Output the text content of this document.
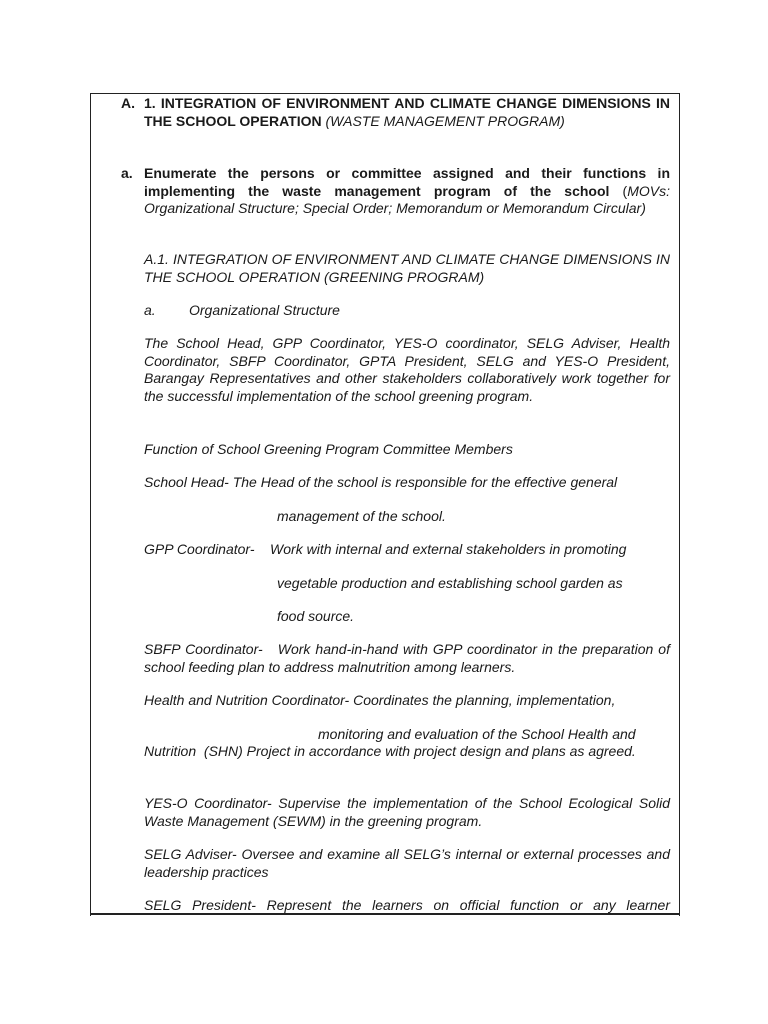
A. 1. INTEGRATION OF ENVIRONMENT AND CLIMATE CHANGE DIMENSIONS IN THE SCHOOL OPERATION (WASTE MANAGEMENT PROGRAM)
a. Enumerate the persons or committee assigned and their functions in implementing the waste management program of the school (MOVs: Organizational Structure; Special Order; Memorandum or Memorandum Circular)
A.1. INTEGRATION OF ENVIRONMENT AND CLIMATE CHANGE DIMENSIONS IN THE SCHOOL OPERATION (GREENING PROGRAM)
a. Organizational Structure
The School Head, GPP Coordinator, YES-O coordinator, SELG Adviser, Health Coordinator, SBFP Coordinator, GPTA President, SELG and YES-O President, Barangay Representatives and other stakeholders collaboratively work together for the successful implementation of the school greening program.
Function of School Greening Program Committee Members
School Head- The Head of the school is responsible for the effective general
management of the school.
GPP Coordinator-    Work with internal and external stakeholders in promoting
vegetable production and establishing school garden as
food source.
SBFP Coordinator-   Work hand-in-hand with GPP coordinator in the preparation of  school feeding plan to address malnutrition among learners.
Health and Nutrition Coordinator- Coordinates the planning, implementation,
monitoring and evaluation of the School Health and
Nutrition  (SHN) Project in accordance with project design and plans as agreed.
YES-O Coordinator- Supervise the implementation of the School Ecological Solid Waste Management (SEWM) in the greening program.
SELG Adviser- Oversee and examine all SELG’s internal or external processes and leadership practices
SELG President- Represent the learners on official function or any learner
